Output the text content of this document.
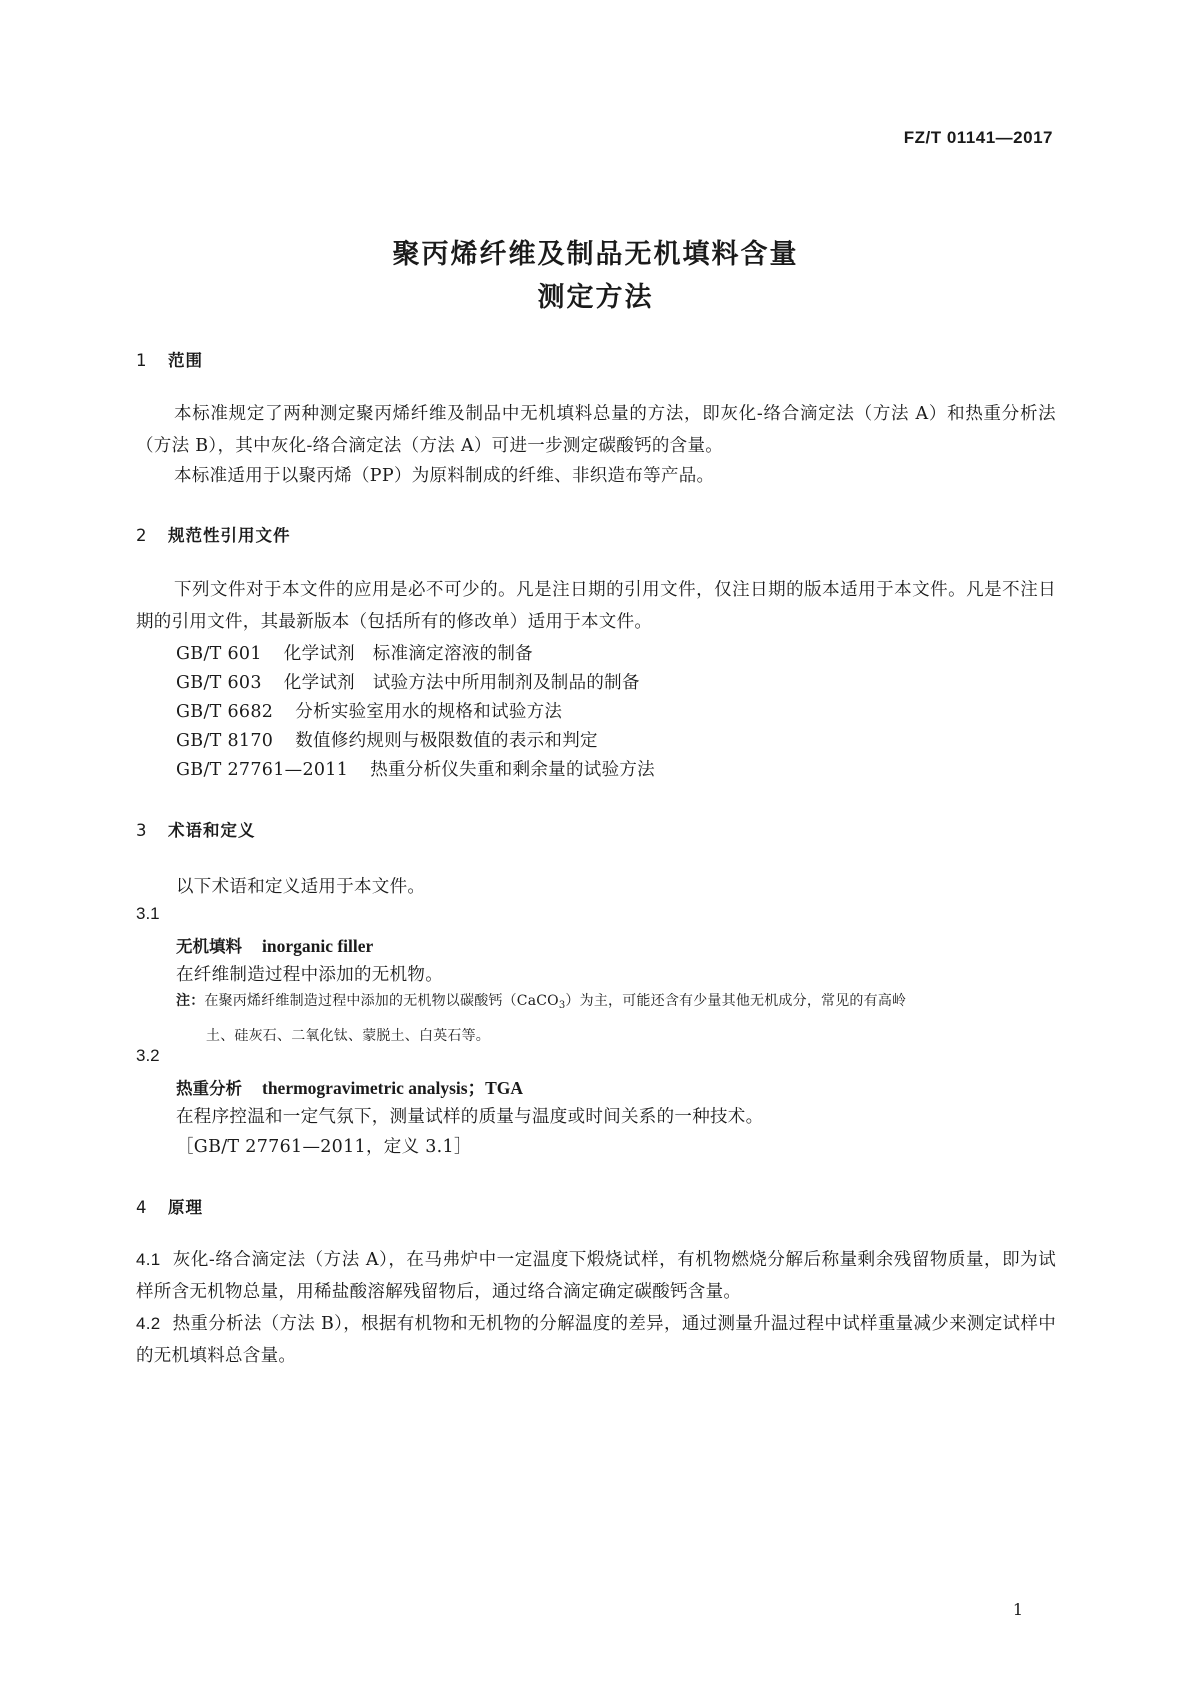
FZ/T 01141—2017
聚丙烯纤维及制品无机填料含量
测定方法
1 范围
本标准规定了两种测定聚丙烯纤维及制品中无机填料总量的方法，即灰化-络合滴定法（方法 A）和热重分析法（方法 B），其中灰化-络合滴定法（方法 A）可进一步测定碳酸钙的含量。
本标准适用于以聚丙烯（PP）为原料制成的纤维、非织造布等产品。
2 规范性引用文件
下列文件对于本文件的应用是必不可少的。凡是注日期的引用文件，仅注日期的版本适用于本文件。凡是不注日期的引用文件，其最新版本（包括所有的修改单）适用于本文件。
GB/T 601 化学试剂　标准滴定溶液的制备
GB/T 603 化学试剂　试验方法中所用制剂及制品的制备
GB/T 6682 分析实验室用水的规格和试验方法
GB/T 8170 数值修约规则与极限数值的表示和判定
GB/T 27761—2011 热重分析仪失重和剩余量的试验方法
3 术语和定义
以下术语和定义适用于本文件。
3.1
无机填料 inorganic filler
在纤维制造过程中添加的无机物。
注：在聚丙烯纤维制造过程中添加的无机物以碳酸钙（CaCO$_3$）为主，可能还含有少量其他无机成分，常见的有高岭
土、硅灰石、二氧化钛、蒙脱土、白英石等。
3.2
热重分析 thermogravimetric analysis；TGA
在程序控温和一定气氛下，测量试样的质量与温度或时间关系的一种技术。
［GB/T 27761—2011，定义 3.1］
4 原理
4.1 灰化-络合滴定法（方法 A），在马弗炉中一定温度下煅烧试样，有机物燃烧分解后称量剩余残留物质量，即为试样所含无机物总量，用稀盐酸溶解残留物后，通过络合滴定确定碳酸钙含量。
4.2 热重分析法（方法 B），根据有机物和无机物的分解温度的差异，通过测量升温过程中试样重量减少来测定试样中的无机填料总含量。
1
